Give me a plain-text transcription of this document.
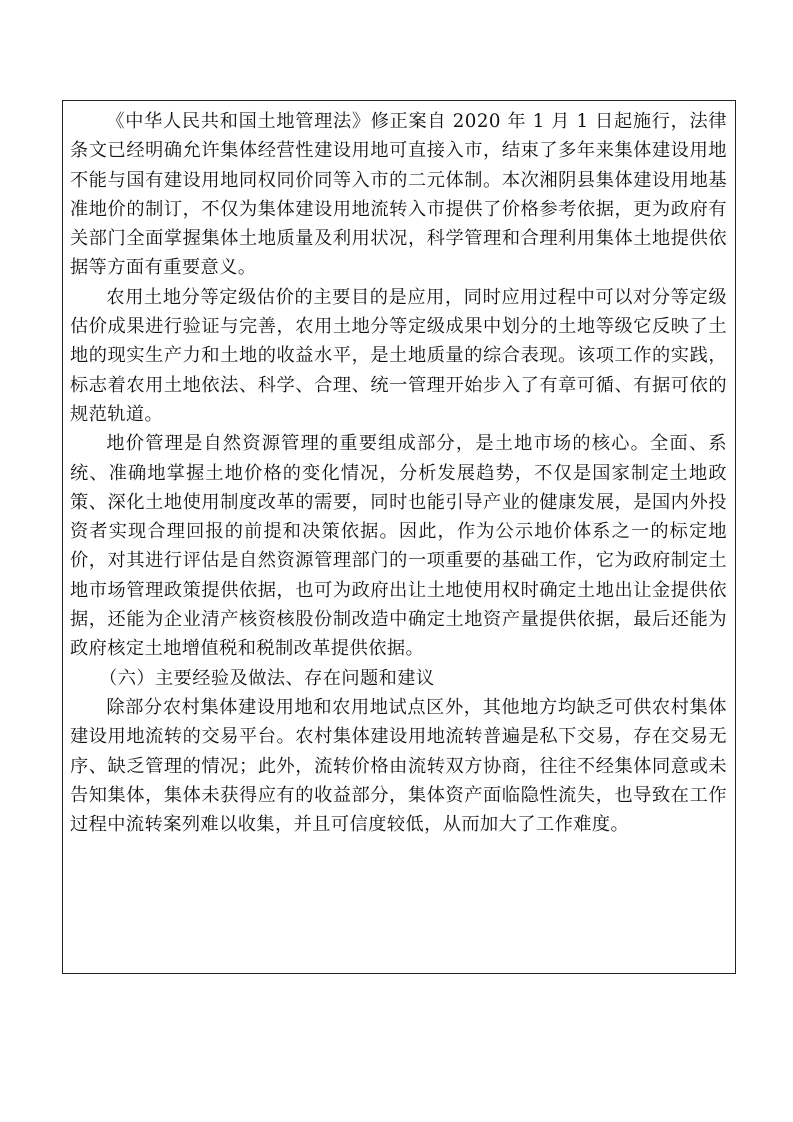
《中华人民共和国土地管理法》修正案自 2020 年 1 月 1 日起施行，法律条文已经明确允许集体经营性建设用地可直接入市，结束了多年来集体建设用地不能与国有建设用地同权同价同等入市的二元体制。本次湘阴县集体建设用地基准地价的制订，不仅为集体建设用地流转入市提供了价格参考依据，更为政府有关部门全面掌握集体土地质量及利用状况，科学管理和合理利用集体土地提供依据等方面有重要意义。

农用土地分等定级估价的主要目的是应用，同时应用过程中可以对分等定级估价成果进行验证与完善，农用土地分等定级成果中划分的土地等级它反映了土地的现实生产力和土地的收益水平，是土地质量的综合表现。该项工作的实践，标志着农用土地依法、科学、合理、统一管理开始步入了有章可循、有据可依的规范轨道。

地价管理是自然资源管理的重要组成部分，是土地市场的核心。全面、系统、准确地掌握土地价格的变化情况，分析发展趋势，不仅是国家制定土地政策、深化土地使用制度改革的需要，同时也能引导产业的健康发展，是国内外投资者实现合理回报的前提和决策依据。因此，作为公示地价体系之一的标定地价，对其进行评估是自然资源管理部门的一项重要的基础工作，它为政府制定土地市场管理政策提供依据，也可为政府出让土地使用权时确定土地出让金提供依据，还能为企业清产核资核股份制改造中确定土地资产量提供依据，最后还能为政府核定土地增值税和税制改革提供依据。

（六）主要经验及做法、存在问题和建议

除部分农村集体建设用地和农用地试点区外，其他地方均缺乏可供农村集体建设用地流转的交易平台。农村集体建设用地流转普遍是私下交易，存在交易无序、缺乏管理的情况；此外，流转价格由流转双方协商，往往不经集体同意或未告知集体，集体未获得应有的收益部分，集体资产面临隐性流失，也导致在工作过程中流转案列难以收集，并且可信度较低，从而加大了工作难度。
